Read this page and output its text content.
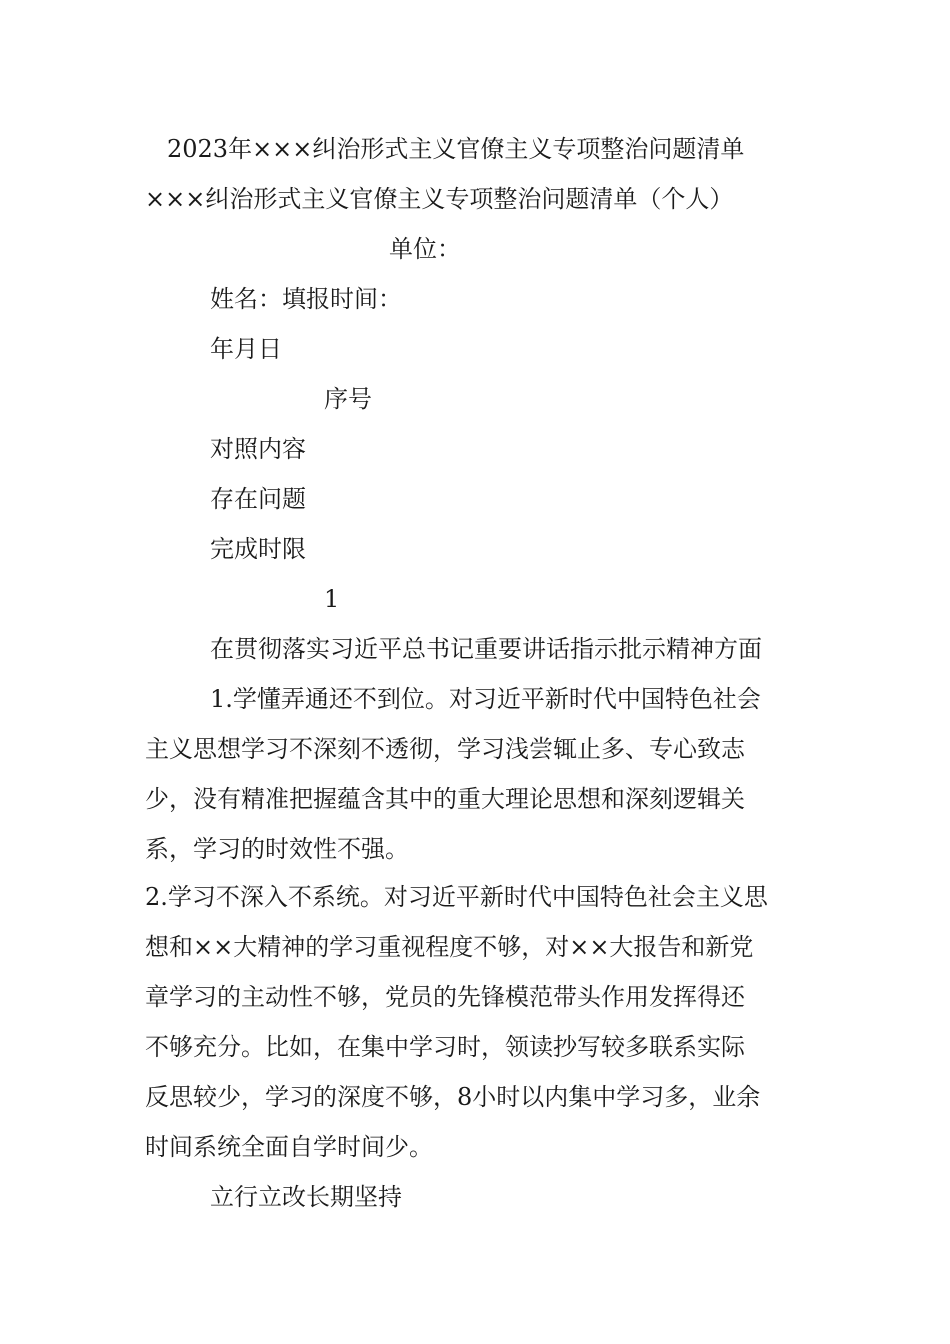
2023年×××纠治形式主义官僚主义专项整治问题清单
×××纠治形式主义官僚主义专项整治问题清单（个人）
单位：
姓名：填报时间：
年月日
序号
对照内容
存在问题
完成时限
1
在贯彻落实习近平总书记重要讲话指示批示精神方面
1.学懂弄通还不到位。对习近平新时代中国特色社会
主义思想学习不深刻不透彻，学习浅尝辄止多、专心致志
少，没有精准把握蕴含其中的重大理论思想和深刻逻辑关
系，学习的时效性不强。
2.学习不深入不系统。对习近平新时代中国特色社会主义思
想和××大精神的学习重视程度不够，对××大报告和新党
章学习的主动性不够，党员的先锋模范带头作用发挥得还
不够充分。比如，在集中学习时，领读抄写较多联系实际
反思较少，学习的深度不够，8小时以内集中学习多，业余
时间系统全面自学时间少。
立行立改长期坚持
